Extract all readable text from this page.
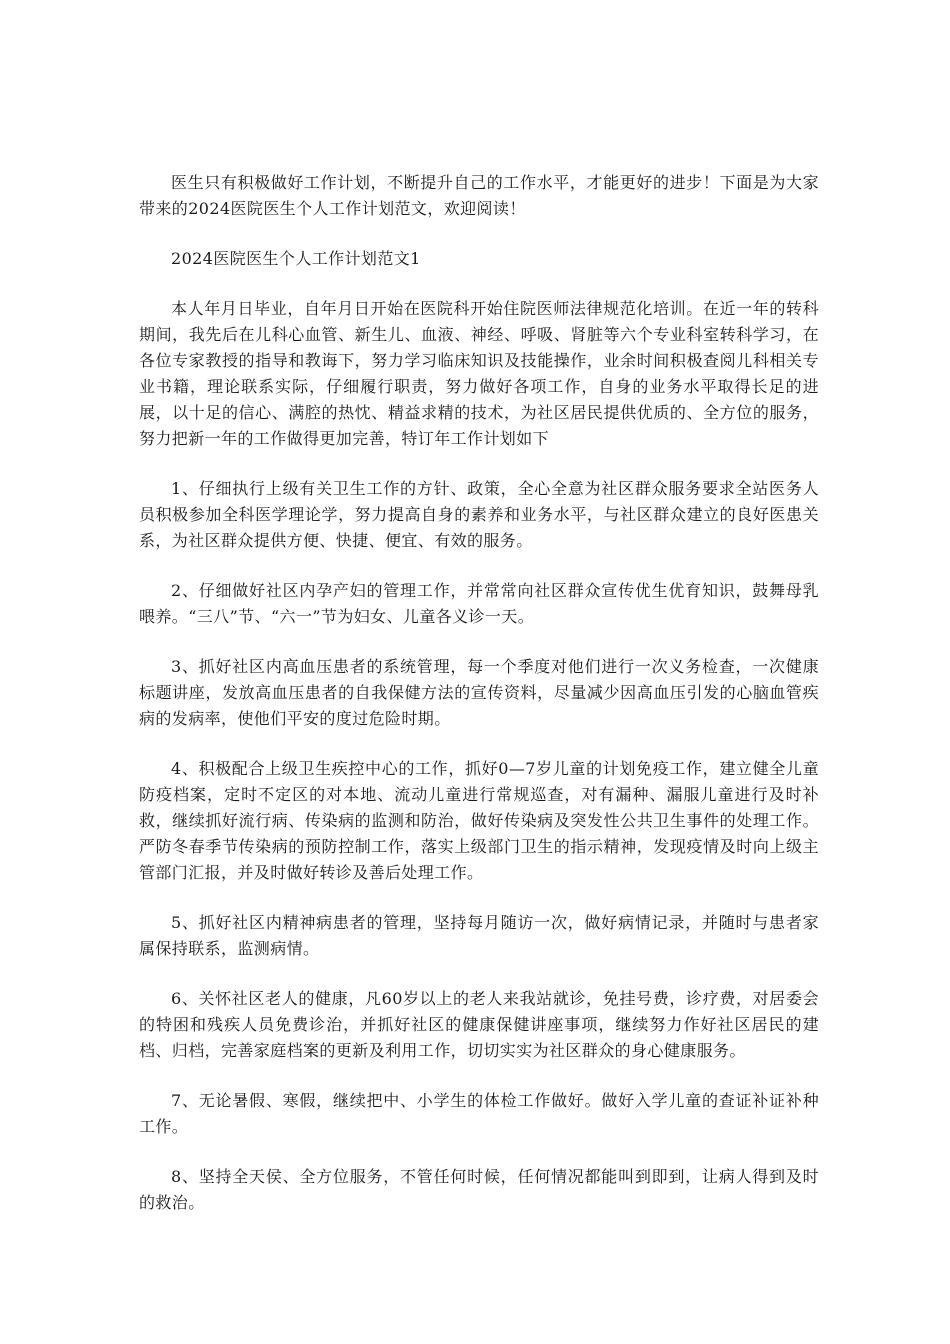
医生只有积极做好工作计划，不断提升自己的工作水平，才能更好的进步！下面是为大家带来的2024医院医生个人工作计划范文，欢迎阅读！

2024医院医生个人工作计划范文1

本人年月日毕业，自年月日开始在医院科开始住院医师法律规范化培训。在近一年的转科期间，我先后在儿科心血管、新生儿、血液、神经、呼吸、肾脏等六个专业科室转科学习，在各位专家教授的指导和教诲下，努力学习临床知识及技能操作，业余时间积极查阅儿科相关专业书籍，理论联系实际，仔细履行职责，努力做好各项工作，自身的业务水平取得长足的进展，以十足的信心、满腔的热忱、精益求精的技术，为社区居民提供优质的、全方位的服务，努力把新一年的工作做得更加完善，特订年工作计划如下

1、仔细执行上级有关卫生工作的方针、政策，全心全意为社区群众服务要求全站医务人员积极参加全科医学理论学，努力提高自身的素养和业务水平，与社区群众建立的良好医患关系，为社区群众提供方便、快捷、便宜、有效的服务。

2、仔细做好社区内孕产妇的管理工作，并常常向社区群众宣传优生优育知识，鼓舞母乳喂养。“三八”节、“六一”节为妇女、儿童各义诊一天。

3、抓好社区内高血压患者的系统管理，每一个季度对他们进行一次义务检查，一次健康标题讲座，发放高血压患者的自我保健方法的宣传资料，尽量减少因高血压引发的心脑血管疾病的发病率，使他们平安的度过危险时期。

4、积极配合上级卫生疾控中心的工作，抓好0—7岁儿童的计划免疫工作，建立健全儿童防疫档案，定时不定区的对本地、流动儿童进行常规巡查，对有漏种、漏服儿童进行及时补救，继续抓好流行病、传染病的监测和防治，做好传染病及突发性公共卫生事件的处理工作。严防冬春季节传染病的预防控制工作，落实上级部门卫生的指示精神，发现疫情及时向上级主管部门汇报，并及时做好转诊及善后处理工作。

5、抓好社区内精神病患者的管理，坚持每月随访一次，做好病情记录，并随时与患者家属保持联系，监测病情。

6、关怀社区老人的健康，凡60岁以上的老人来我站就诊，免挂号费，诊疗费，对居委会的特困和残疾人员免费诊治，并抓好社区的健康保健讲座事项，继续努力作好社区居民的建档、归档，完善家庭档案的更新及利用工作，切切实实为社区群众的身心健康服务。

7、无论暑假、寒假，继续把中、小学生的体检工作做好。做好入学儿童的查证补证补种工作。

8、坚持全天侯、全方位服务，不管任何时候，任何情况都能叫到即到，让病人得到及时的救治。
